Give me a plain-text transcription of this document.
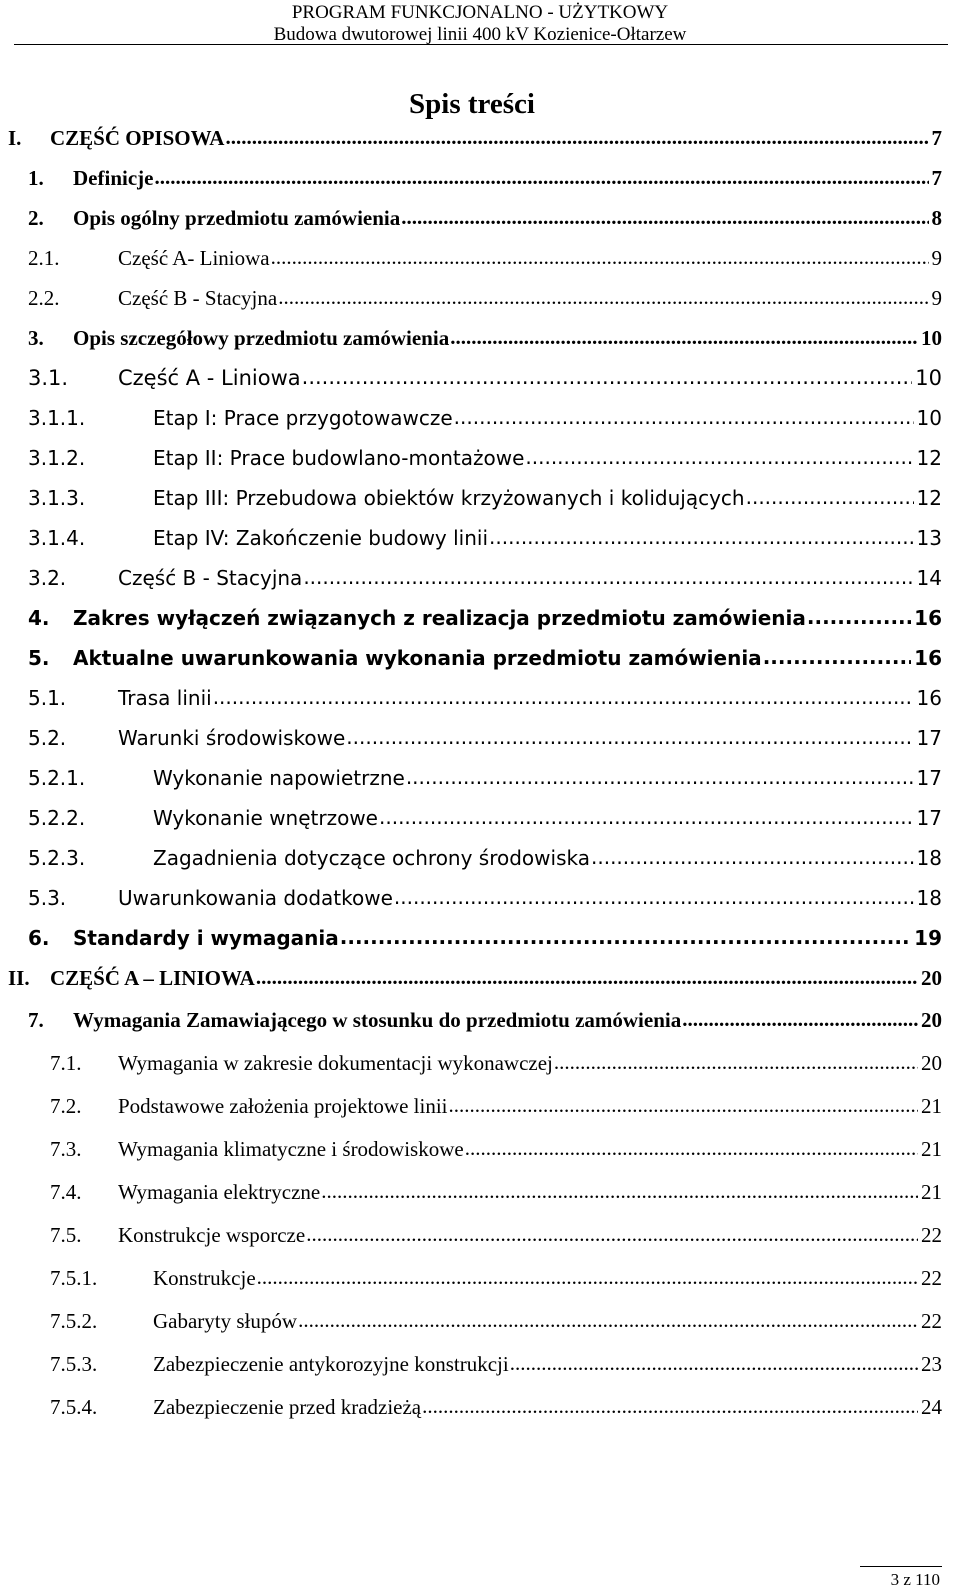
PROGRAM FUNKCJONALNO - UŻYTKOWY
Budowa dwutorowej linii 400 kV Kozienice-Ołtarzew
Spis treści
I.	CZĘŚĆ OPISOWA .....	7
1.	Definicje .....	7
2.	Opis ogólny przedmiotu zamówienia .....	8
2.1.	Część A- Liniowa .....	9
2.2.	Część B - Stacyjna .....	9
3.	Opis szczegółowy przedmiotu zamówienia .....	10
3.1.	Część A - Liniowa .....	10
3.1.1.	Etap I: Prace przygotowawcze .....	10
3.1.2.	Etap II: Prace budowlano-montażowe .....	12
3.1.3.	Etap III: Przebudowa obiektów krzyżowanych i kolidujących .....	12
3.1.4.	Etap IV: Zakończenie budowy linii .....	13
3.2.	Część B - Stacyjna .....	14
4.	Zakres wyłączeń związanych z realizacja przedmiotu zamówienia .....	16
5.	Aktualne uwarunkowania wykonania przedmiotu zamówienia .....	16
5.1.	Trasa linii .....	16
5.2.	Warunki środowiskowe .....	17
5.2.1.	Wykonanie napowietrzne .....	17
5.2.2.	Wykonanie wnętrzowe .....	17
5.2.3.	Zagadnienia dotyczące ochrony środowiska .....	18
5.3.	Uwarunkowania dodatkowe .....	18
6.	Standardy i wymagania .....	19
II. CZĘŚĆ A – LINIOWA .....	20
7.	Wymagania Zamawiającego w stosunku do przedmiotu zamówienia .....	20
7.1.	Wymagania w zakresie dokumentacji wykonawczej .....	20
7.2.	Podstawowe założenia projektowe linii .....	21
7.3.	Wymagania klimatyczne i środowiskowe .....	21
7.4.	Wymagania elektryczne .....	21
7.5.	Konstrukcje wsporcze .....	22
7.5.1.	Konstrukcje .....	22
7.5.2.	Gabaryty słupów .....	22
7.5.3.	Zabezpieczenie antykorozyjne konstrukcji .....	23
7.5.4.	Zabezpieczenie przed kradzieżą .....	24
3 z 110
